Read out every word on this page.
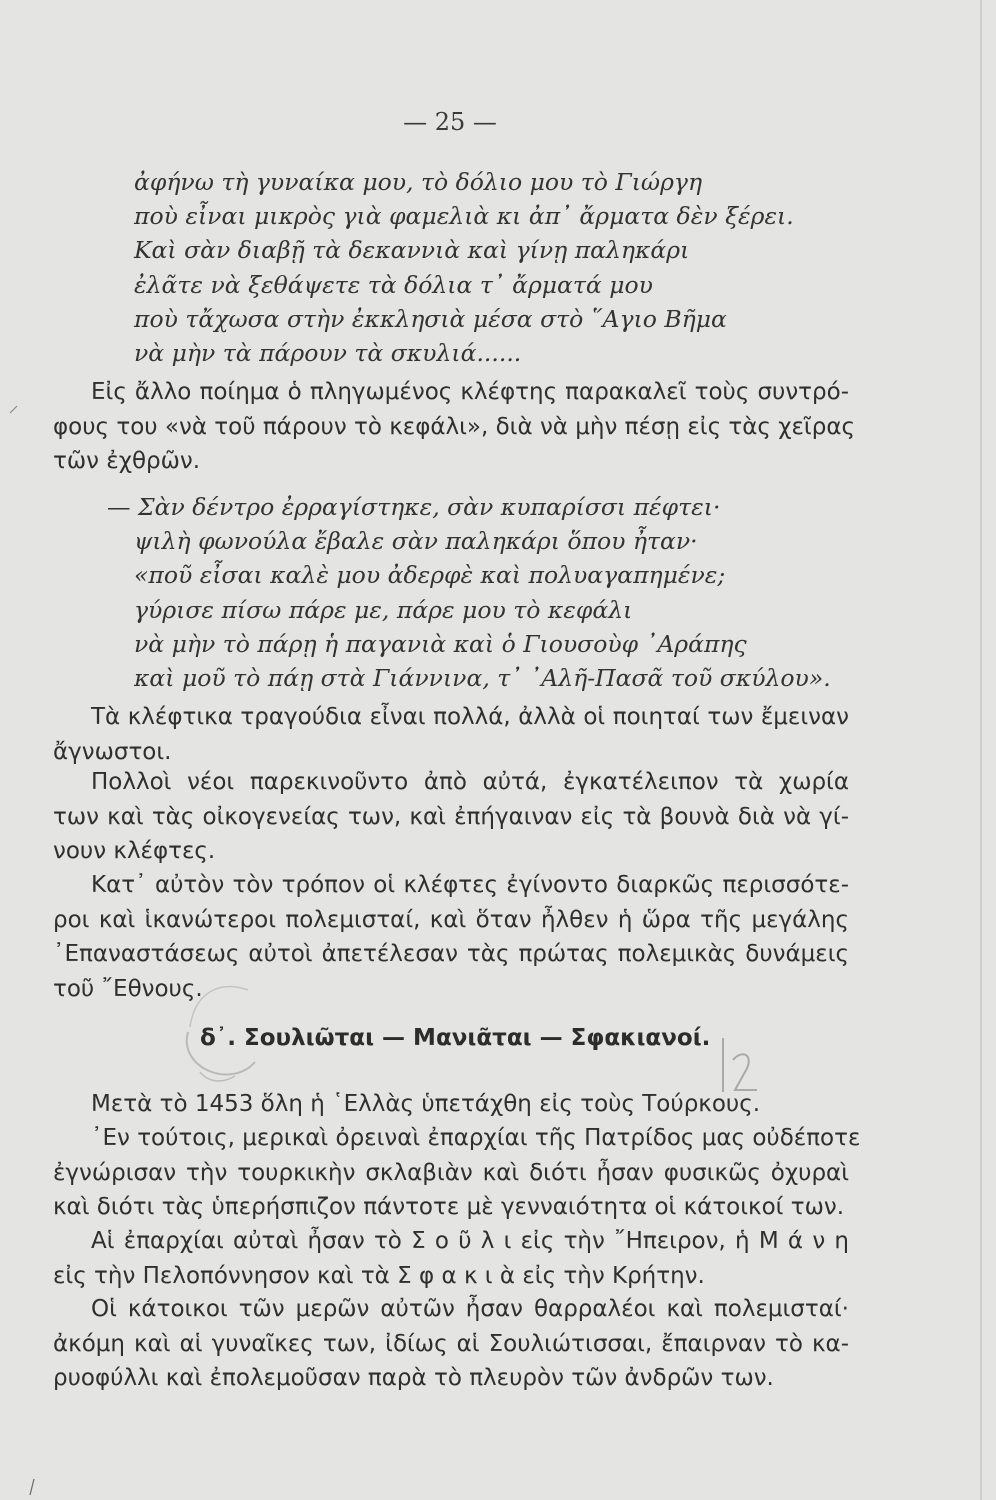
— 25 —
ἀφήνω τὴ γυναίκα μου, τὸ δόλιο μου τὸ Γιώργη
ποὺ εἶναι μικρὸς γιὰ φαμελιὰ κι ἀπ᾽ ἄρματα δὲν ξέρει.
Καὶ σὰν διαβῇ τὰ δεκαννιὰ καὶ γίνῃ παληκάρι
ἐλᾶτε νὰ ξεθάψετε τὰ δόλια τ᾽ ἄρματά μου
ποὺ τἄχωσα στὴν ἐκκλησιὰ μέσα στὸ ῞Αγιο Βῆμα
νὰ μὴν τὰ πάρουν τὰ σκυλιά......

Εἰς ἄλλο ποίημα ὁ πληγωμένος κλέφτης παρακαλεῖ τοὺς συντρό-
φους του «νὰ τοῦ πάρουν τὸ κεφάλι», διὰ νὰ μὴν πέσῃ εἰς τὰς χεῖρας
τῶν ἐχθρῶν.

— Σὰν δέντρο ἐρραγίστηκε, σὰν κυπαρίσσι πέφτει·
ψιλὴ φωνούλα ἔβαλε σὰν παληκάρι ὅπου ἦταν·
«ποῦ εἶσαι καλὲ μου ἀδερφὲ καὶ πολυαγαπημένε;
γύρισε πίσω πάρε με, πάρε μου τὸ κεφάλι
νὰ μὴν τὸ πάρῃ ἡ παγανιὰ καὶ ὁ Γιουσοὺφ ᾽Αράπης
καὶ μοῦ τὸ πάῃ στὰ Γιάννινα, τ᾽ ᾽Αλῆ-Πασᾶ τοῦ σκύλου».

Τὰ κλέφτικα τραγούδια εἶναι πολλά, ἀλλὰ οἱ ποιηταί των ἔμειναν
ἄγνωστοι.

Πολλοὶ νέοι παρεκινοῦντο ἀπὸ αὐτά, ἐγκατέλειπον τὰ χωρία
των καὶ τὰς οἰκογενείας των, καὶ ἐπήγαιναν εἰς τὰ βουνὰ διὰ νὰ γί-
νουν κλέφτες.

Κατ᾽ αὐτὸν τὸν τρόπον οἱ κλέφτες ἐγίνοντο διαρκῶς περισσότε-
ροι καὶ ἱκανώτεροι πολεμισταί, καὶ ὅταν ἦλθεν ἡ ὥρα τῆς μεγάλης
᾽Επαναστάσεως αὐτοὶ ἀπετέλεσαν τὰς πρώτας πολεμικὰς δυνάμεις
τοῦ ῎Εθνους.

δ᾽. Σουλιῶται — Μανιᾶται — Σφακιανοί.

Μετὰ τὸ 1453 ὅλη ἡ ῾Ελλὰς ὑπετάχθη εἰς τοὺς Τούρκους.

᾽Εν τούτοις, μερικαὶ ὀρειναὶ ἐπαρχίαι τῆς Πατρίδος μας οὐδέποτε
ἐγνώρισαν τὴν τουρκικὴν σκλαβιὰν καὶ διότι ἦσαν φυσικῶς ὀχυραὶ
καὶ διότι τὰς ὑπερήσπιζον πάντοτε μὲ γενναιότητα οἱ κάτοικοί των.

Αἱ ἐπαρχίαι αὐταὶ ἦσαν τὸ Σ ο ῦ λ ι εἰς τὴν ῎Ηπειρον, ἡ Μ ά ν η
εἰς τὴν Πελοπόννησον καὶ τὰ Σ φ α κ ι ὰ εἰς τὴν Κρήτην.

Οἱ κάτοικοι τῶν μερῶν αὐτῶν ἦσαν θαρραλέοι καὶ πολεμισταί·
ἀκόμη καὶ αἱ γυναῖκες των, ἰδίως αἱ Σουλιώτισσαι, ἔπαιρναν τὸ κα-
ρυοφύλλι καὶ ἐπολεμοῦσαν παρὰ τὸ πλευρὸν τῶν ἀνδρῶν των.
